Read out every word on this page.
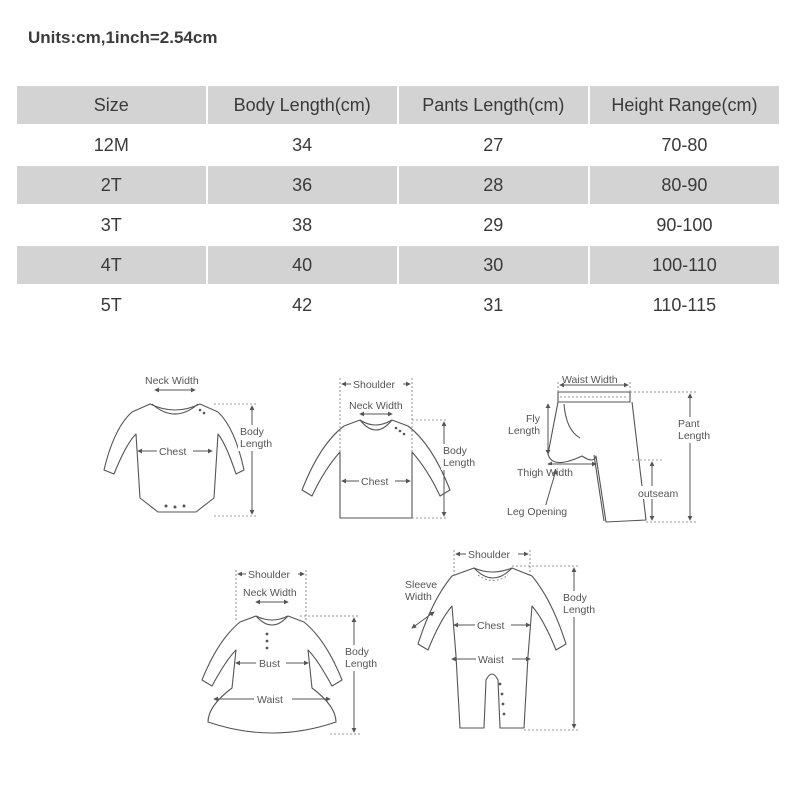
Units:cm,1inch=2.54cm
Size	Body Length(cm)	Pants Length(cm)	Height Range(cm)
12M	34	27	70-80
2T	36	28	80-90
3T	38	29	90-100
4T	40	30	100-110
5T	42	31	110-115
Neck Width
Chest
Body
Length
Shoulder
Neck Width
Chest
Body
Length
Waist Width
Fly
Length
Thigh Width
Leg Opening
outseam
Pant
Length
Shoulder
Neck Width
Bust
Waist
Body
Length
Shoulder
Sleeve
Width
Chest
Waist
Body
Length
